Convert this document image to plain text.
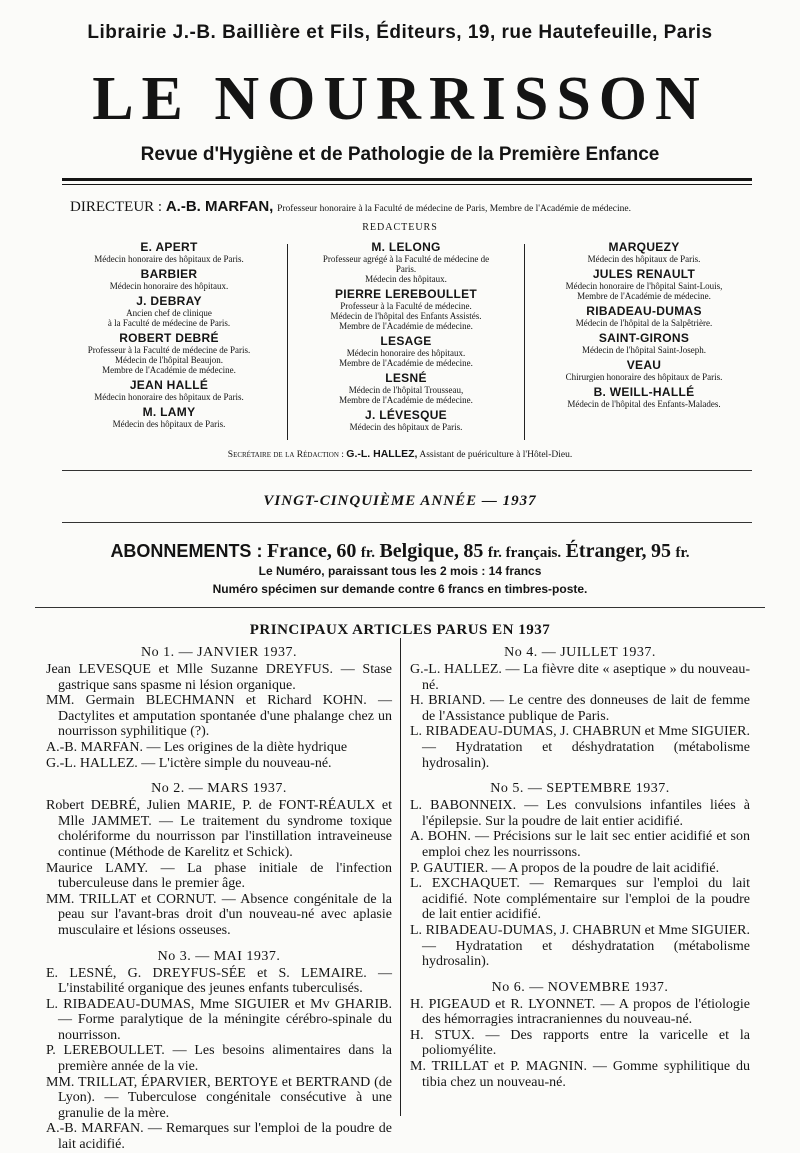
Librairie J.-B. Baillière et Fils, Éditeurs, 19, rue Hautefeuille, Paris
LE NOURRISSON
Revue d'Hygiène et de Pathologie de la Première Enfance
DIRECTEUR : A.-B. MARFAN, Professeur honoraire à la Faculté de médecine de Paris, Membre de l'Académie de médecine.
REDACTEURS
E. APERT
Médecin honoraire des hôpitaux de Paris.
BARBIER
Médecin honoraire des hôpitaux.
J. DEBRAY
Ancien chef de clinique
à la Faculté de médecine de Paris.
ROBERT DEBRÉ
Professeur à la Faculté de médecine de Paris.
Médecin de l'hôpital Beaujon.
Membre de l'Académie de médecine.
JEAN HALLÉ
Médecin honoraire des hôpitaux de Paris.
M. LAMY
Médecin des hôpitaux de Paris.
M. LELONG
Professeur agrégé à la Faculté de médecine de
Paris.
Médecin des hôpitaux.
PIERRE LEREBOULLET
Professeur à la Faculté de médecine.
Médecin de l'hôpital des Enfants Assistés.
Membre de l'Académie de médecine.
LESAGE
Médecin honoraire des hôpitaux.
Membre de l'Académie de médecine.
LESNÉ
Médecin de l'hôpital Trousseau,
Membre de l'Académie de médecine.
J. LÉVESQUE
Médecin des hôpitaux de Paris.
MARQUEZY
Médecin des hôpitaux de Paris.
JULES RENAULT
Médecin honoraire de l'hôpital Saint-Louis,
Membre de l'Académie de médecine.
RIBADEAU-DUMAS
Médecin de l'hôpital de la Salpêtrière.
SAINT-GIRONS
Médecin de l'hôpital Saint-Joseph.
VEAU
Chirurgien honoraire des hôpitaux de Paris.
B. WEILL-HALLÉ
Médecin de l'hôpital des Enfants-Malades.
Secrétaire de la Rédaction : G.-L. HALLEZ, Assistant de puériculture à l'Hôtel-Dieu.
VINGT-CINQUIÈME ANNÉE — 1937
ABONNEMENTS : France, 60 fr. Belgique, 85 fr. français. Étranger, 95 fr.
Le Numéro, paraissant tous les 2 mois : 14 francs
Numéro spécimen sur demande contre 6 francs en timbres-poste.
PRINCIPAUX ARTICLES PARUS EN 1937
No 1. — JANVIER 1937.
Jean LEVESQUE et Mlle Suzanne DREYFUS. — Stase gastrique sans spasme ni lésion organique.
MM. Germain BLECHMANN et Richard KOHN. — Dactylites et amputation spontanée d'une phalange chez un nourrisson syphilitique (?).
A.-B. MARFAN. — Les origines de la diète hydrique
G.-L. HALLEZ. — L'ictère simple du nouveau-né.
No 2. — MARS 1937.
Robert DEBRÉ, Julien MARIE, P. de FONT-RÉAULX et Mlle JAMMET. — Le traitement du syndrome toxique cholériforme du nourrisson par l'instillation intraveineuse continue (Méthode de Karelitz et Schick).
Maurice LAMY. — La phase initiale de l'infection tuberculeuse dans le premier âge.
MM. TRILLAT et CORNUT. — Absence congénitale de la peau sur l'avant-bras droit d'un nouveau-né avec aplasie musculaire et lésions osseuses.
No 3. — MAI 1937.
E. LESNÉ, G. DREYFUS-SÉE et S. LEMAIRE. — L'instabilité organique des jeunes enfants tuberculisés.
L. RIBADEAU-DUMAS, Mme SIGUIER et Mv GHARIB. — Forme paralytique de la méningite cérébro-spinale du nourrisson.
P. LEREBOULLET. — Les besoins alimentaires dans la première année de la vie.
MM. TRILLAT, ÉPARVIER, BERTOYE et BERTRAND (de Lyon). — Tuberculose congénitale consécutive à une granulie de la mère.
A.-B. MARFAN. — Remarques sur l'emploi de la poudre de lait acidifié.
No 4. — JUILLET 1937.
G.-L. HALLEZ. — La fièvre dite « aseptique » du nouveau-né.
H. BRIAND. — Le centre des donneuses de lait de femme de l'Assistance publique de Paris.
L. RIBADEAU-DUMAS, J. CHABRUN et Mme SIGUIER. — Hydratation et déshydratation (métabolisme hydrosalin).
No 5. — SEPTEMBRE 1937.
L. BABONNEIX. — Les convulsions infantiles liées à l'épilepsie. Sur la poudre de lait entier acidifié.
A. BOHN. — Précisions sur le lait sec entier acidifié et son emploi chez les nourrissons.
P. GAUTIER. — A propos de la poudre de lait acidifié.
L. EXCHAQUET. — Remarques sur l'emploi du lait acidifié. Note complémentaire sur l'emploi de la poudre de lait entier acidifié.
L. RIBADEAU-DUMAS, J. CHABRUN et Mme SIGUIER. — Hydratation et déshydratation (métabolisme hydrosalin).
No 6. — NOVEMBRE 1937.
H. PIGEAUD et R. LYONNET. — A propos de l'étiologie des hémorragies intracraniennes du nouveau-né.
H. STUX. — Des rapports entre la varicelle et la poliomyélite.
M. TRILLAT et P. MAGNIN. — Gomme syphilitique du tibia chez un nouveau-né.
